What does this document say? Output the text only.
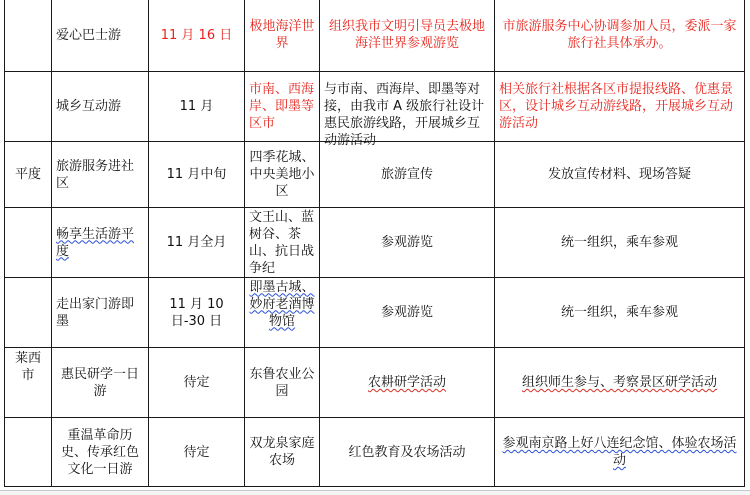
	爱心巴士游	11 月 16 日	极地海洋世界	组织我市文明引导员去极地海洋世界参观游览	市旅游服务中心协调参加人员，委派一家旅行社具体承办。
	城乡互动游	11 月	市南、西海岸、即墨等区市	与市南、西海岸、即墨等对接，由我市 A 级旅行社设计惠民旅游线路，开展城乡互动游活动	相关旅行社根据各区市提报线路、优惠景区，设计城乡互动游线路，开展城乡互动游活动
平度	旅游服务进社区	11 月中旬	四季花城、中央美地小区	旅游宣传	发放宣传材料、现场答疑
	畅享生活游平度	11 月全月	文王山、蓝树谷、茶山、抗日战争纪	参观游览	统一组织，乘车参观
	走出家门游即墨	11 月 10 日-30 日	即墨古城、妙府老酒博物馆	参观游览	统一组织，乘车参观
莱西市	惠民研学一日游	待定	东鲁农业公园	农耕研学活动	组织师生参与、考察景区研学活动
	重温革命历史、传承红色文化一日游	待定	双龙泉家庭农场	红色教育及农场活动	参观南京路上好八连纪念馆、体验农场活动
